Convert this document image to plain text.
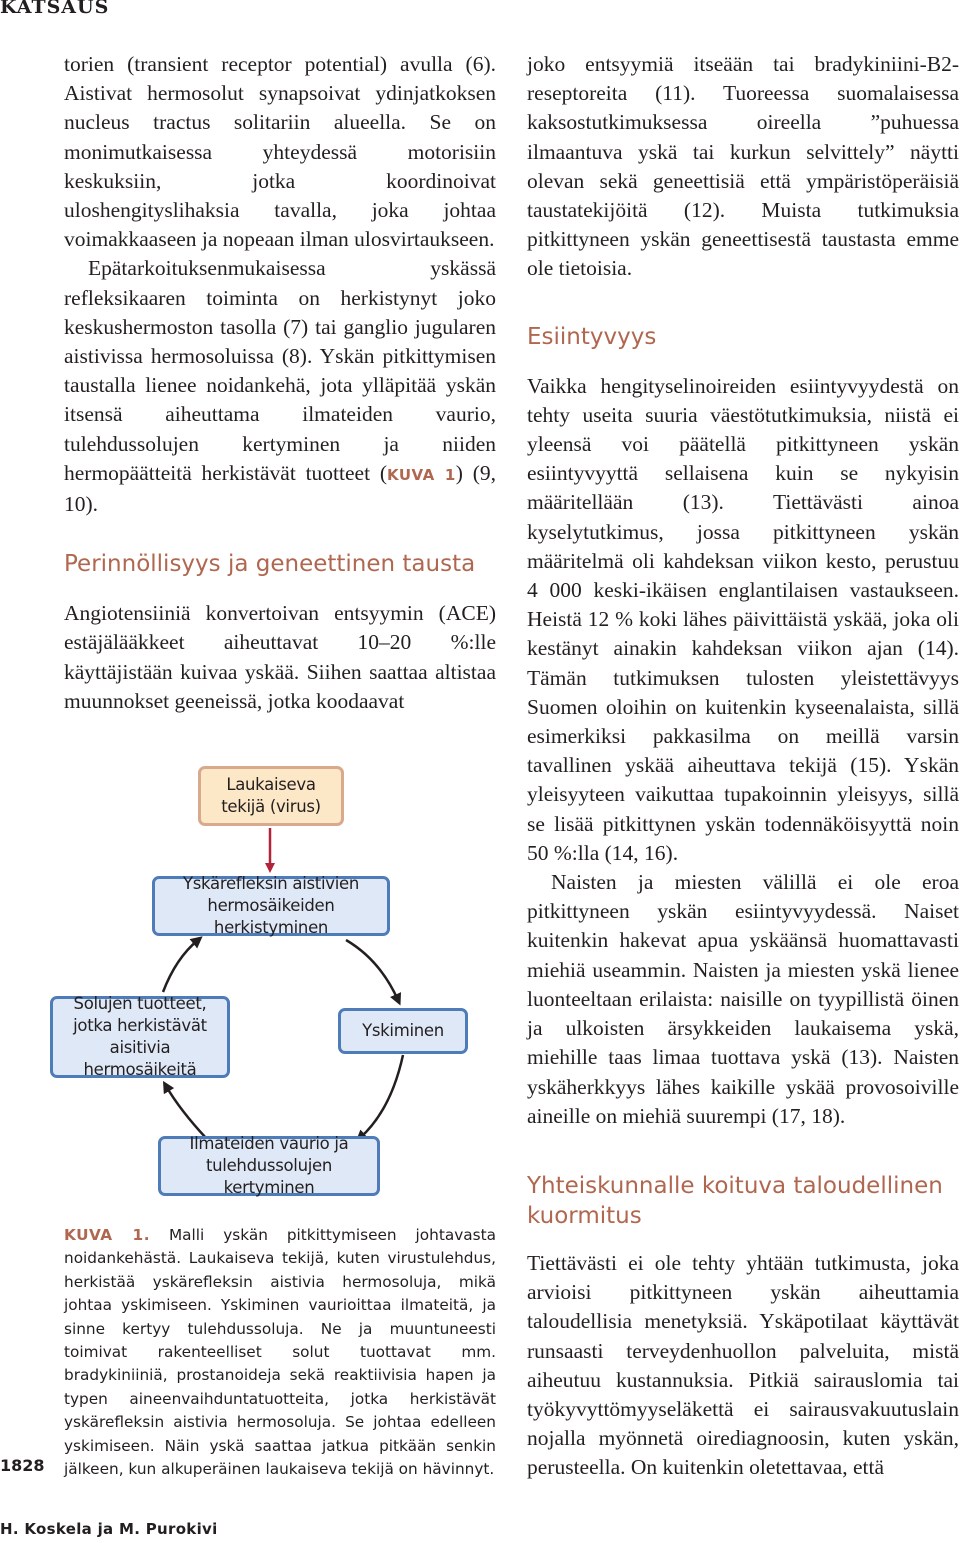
KATSAUS

torien (transient receptor potential) avulla (6). Aistivat hermosolut synapsoivat ydinjatkoksen nucleus tractus solitariin alueella. Se on monimutkaisessa yhteydessä motorisiin keskuksiin, jotka koordinoivat uloshengityslihaksia tavalla, joka johtaa voimakkaaseen ja nopeaan ilman ulosvirtaukseen.

Epätarkoituksenmukaisessa yskässä refleksikaaren toiminta on herkistynyt joko keskushermoston tasolla (7) tai ganglio jugularen aistivissa hermosoluissa (8). Yskän pitkittymisen taustalla lienee noidankehä, jota ylläpitää yskän itsensä aiheuttama ilmateiden vaurio, tulehdussolujen kertyminen ja niiden hermopäätteitä herkistävät tuotteet (KUVA 1) (9, 10).

Perinnöllisyys ja geneettinen tausta

Angiotensiiniä konvertoivan entsyymin (ACE) estäjälääkkeet aiheuttavat 10–20 %:lle käyttäjistään kuivaa yskää. Siihen saattaa altistaa muunnokset geeneissä, jotka koodaavat

Laukaiseva tekijä (virus)
Yskärefleksin aistivien hermosäikeiden herkistyminen
Yskiminen
Ilmateiden vaurio ja tulehdussolujen kertyminen
Solujen tuotteet, jotka herkistävät aisitivia hermosäikeitä
KUVA 1. Malli yskän pitkittymiseen johtavasta noidankehästä. Laukaiseva tekijä, kuten virustulehdus, herkistää yskärefleksin aistivia hermosoluja, mikä johtaa yskimiseen. Yskiminen vaurioittaa ilmateitä, ja sinne kertyy tulehdussoluja. Ne ja muuntuneesti toimivat rakenteelliset solut tuottavat mm. bradykiniiniä, prostanoideja sekä reaktiivisia hapen ja typen aineenvaihduntatuotteita, jotka herkistävät yskärefleksin aistivia hermosoluja. Se johtaa edelleen yskimiseen. Näin yskä saattaa jatkua pitkään senkin jälkeen, kun alkuperäinen laukaiseva tekijä on hävinnyt.

joko entsyymiä itseään tai bradykiniini-B2-reseptoreita (11). Tuoreessa suomalaisessa kaksostutkimuksessa oireella ”puhuessa ilmaantuva yskä tai kurkun selvittely” näytti olevan sekä geneettisiä että ympäristöperäisiä taustatekijöitä (12). Muista tutkimuksia pitkittyneen yskän geneettisestä taustasta emme ole tietoisia.

Esiintyvyys

Vaikka hengityselinoireiden esiintyvyydestä on tehty useita suuria väestötutkimuksia, niistä ei yleensä voi päätellä pitkittyneen yskän esiintyvyyttä sellaisena kuin se nykyisin määritellään (13). Tiettävästi ainoa kyselytutkimus, jossa pitkittyneen yskän määritelmä oli kahdeksan viikon kesto, perustuu 4 000 keski-ikäisen englantilaisen vastaukseen. Heistä 12 % koki lähes päivittäistä yskää, joka oli kestänyt ainakin kahdeksan viikon ajan (14). Tämän tutkimuksen tulosten yleistettävyys Suomen oloihin on kuitenkin kyseenalaista, sillä esimerkiksi pakkasilma on meillä varsin tavallinen yskää aiheuttava tekijä (15). Yskän yleisyyteen vaikuttaa tupakoinnin yleisyys, sillä se lisää pitkittynen yskän todennäköisyyttä noin 50 %:lla (14, 16).

Naisten ja miesten välillä ei ole eroa pitkittyneen yskän esiintyvyydessä. Naiset kuitenkin hakevat apua yskäänsä huomattavasti miehiä useammin. Naisten ja miesten yskä lienee luonteeltaan erilaista: naisille on tyypillistä öinen ja ulkoisten ärsykkeiden laukaisema yskä, miehille taas limaa tuottava yskä (13). Naisten yskäherkkyys lähes kaikille yskää provosoiville aineille on miehiä suurempi (17, 18).

Yhteiskunnalle koituva taloudellinen kuormitus

Tiettävästi ei ole tehty yhtään tutkimusta, joka arvioisi pitkittyneen yskän aiheuttamia taloudellisia menetyksiä. Yskäpotilaat käyttävät runsaasti terveydenhuollon palveluita, mistä aiheutuu kustannuksia. Pitkiä sairauslomia tai työkyvyttömyyseläkettä ei sairausvakuutuslain nojalla myönnetä oirediagnoosin, kuten yskän, perusteella. On kuitenkin oletettavaa, että

1828
H. Koskela ja M. Purokivi
